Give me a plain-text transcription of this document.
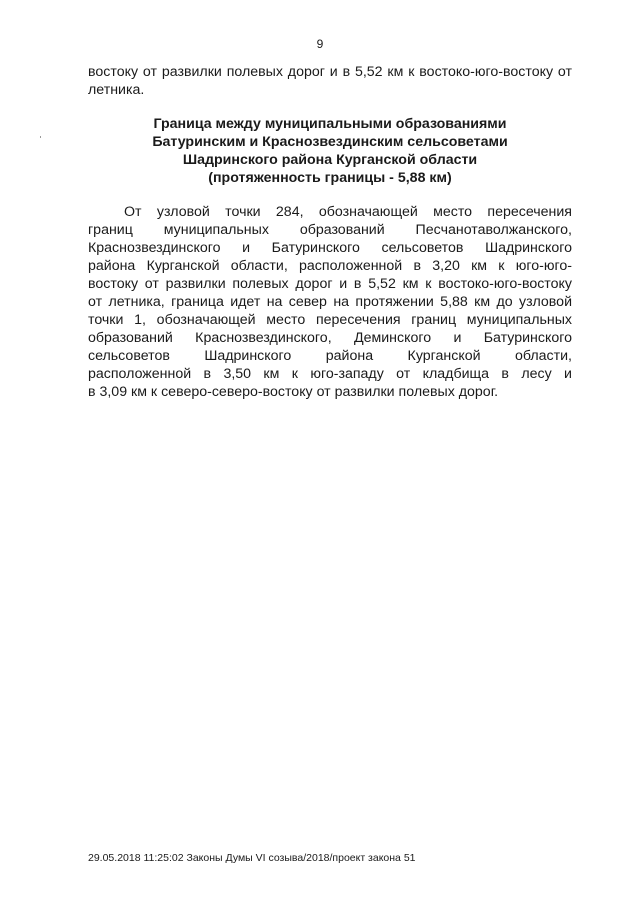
9
востоку от развилки полевых дорог и в 5,52 км к востоко-юго-востоку от летника.
Граница между муниципальными образованиями
Батуринским и Краснозвездинским сельсоветами
Шадринского района Курганской области
(протяженность границы - 5,88 км)
От узловой точки 284, обозначающей место пересечения
границ муниципальных образований Песчанотаволжанского,
Краснозвездинского и Батуринского сельсоветов Шадринского
района Курганской области, расположенной в 3,20 км к юго-юго-
востоку от развилки полевых дорог и в 5,52 км к востоко-юго-востоку
от летника, граница идет на север на протяжении 5,88 км до узловой
точки 1, обозначающей место пересечения границ муниципальных
образований Краснозвездинского, Деминского и Батуринского
сельсоветов Шадринского района Курганской области,
расположенной в 3,50 км к юго-западу от кладбища в лесу и
в 3,09 км к северо-северо-востоку от развилки полевых дорог.
29.05.2018 11:25:02 Законы Думы VI созыва/2018/проект закона 51
